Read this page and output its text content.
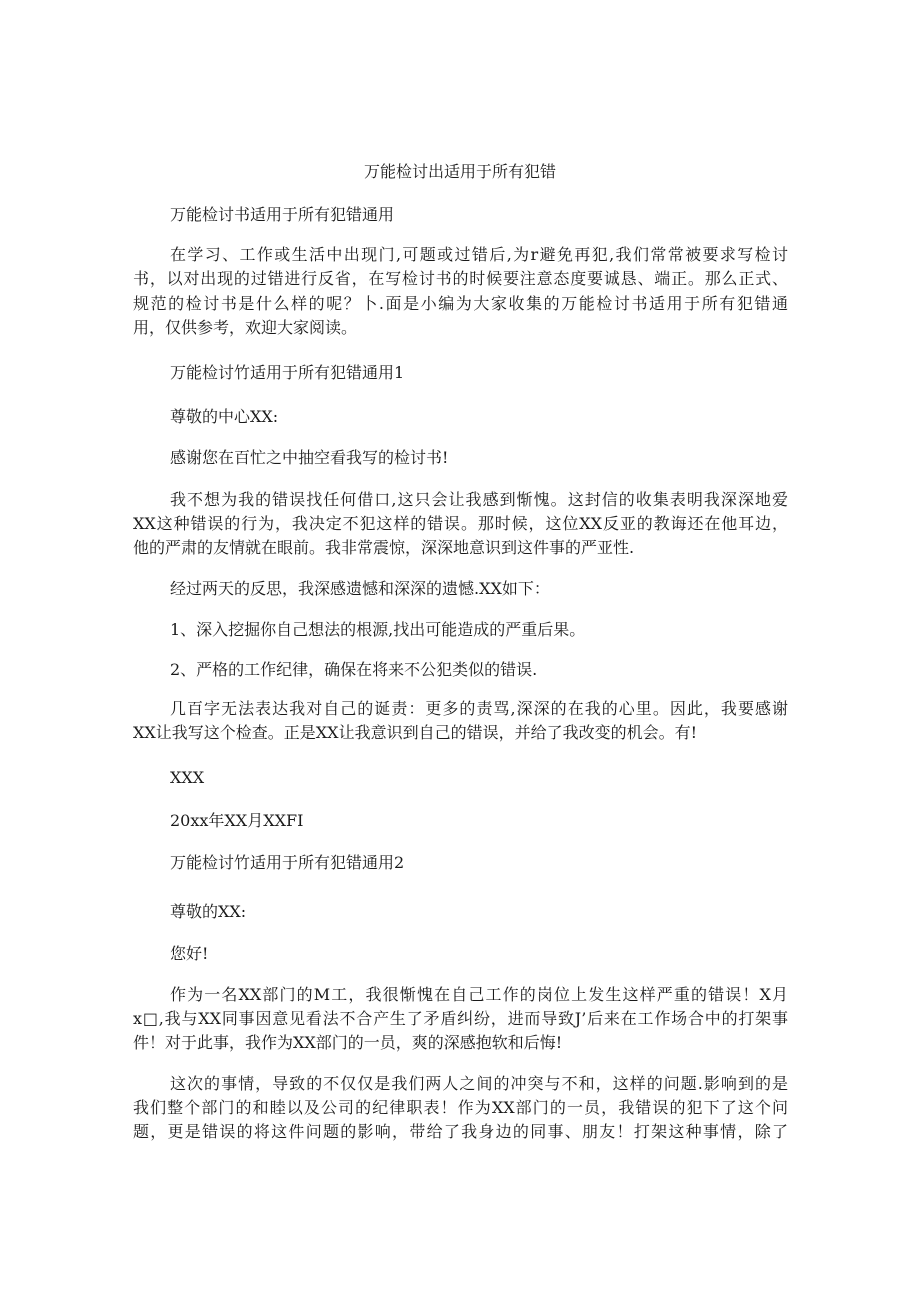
万能检讨出适用于所有犯错
万能检讨书适用于所有犯错通用
在学习、工作或生活中出现门,可题或过错后,为r避免再犯,我们常常被要求写检讨
书，以对出现的过错进行反省，在写检讨书的时候要注意态度要诚恳、端正。那么正式、
规范的检讨书是什么样的呢？卜.面是小编为大家收集的万能检讨书适用于所有犯错通
用，仅供参考，欢迎大家阅读。
万能检讨竹适用于所有犯错通用1
尊敬的中心XX:
感谢您在百忙之中抽空看我写的检讨书!
我不想为我的错误找任何借口,这只会让我感到惭愧。这封信的收集表明我深深地爱
XX这种错误的行为，我决定不犯这样的错误。那时候，这位XX反亚的教诲还在他耳边，
他的严肃的友情就在眼前。我非常震惊，深深地意识到这件事的严亚性.
经过两天的反思，我深感遗憾和深深的遗憾.XX如下：
1、深入挖掘你自己想法的根源,找出可能造成的严重后果。
2、严格的工作纪律，确保在将来不公犯类似的错误.
几百字无法表达我对自己的诞责：更多的责骂,深深的在我的心里。因此，我要感谢
XX让我写这个检查。正是XX让我意识到自己的错误，并给了我改变的机会。有!
XXX
20xx年XX月XXFI
万能检讨竹适用于所有犯错通用2
尊敬的XX:
您好!
作为一名XX部门的M工，我很惭愧在自己工作的岗位上发生这样严重的错误！X月
x□,我与XX同事因意见看法不合产生了矛盾纠纷，进而导致J’后来在工作场合中的打架事
件！对于此事，我作为XX部门的一员，爽的深感抱软和后悔!
这次的事情，导致的不仅仅是我们两人之间的冲突与不和，这样的问题.影响到的是
我们整个部门的和睦以及公司的纪律职表！作为XX部门的一员，我错误的犯下了这个问
题，更是错误的将这件问题的影响，带给了我身边的同事、朋友！打架这种事情，除了
